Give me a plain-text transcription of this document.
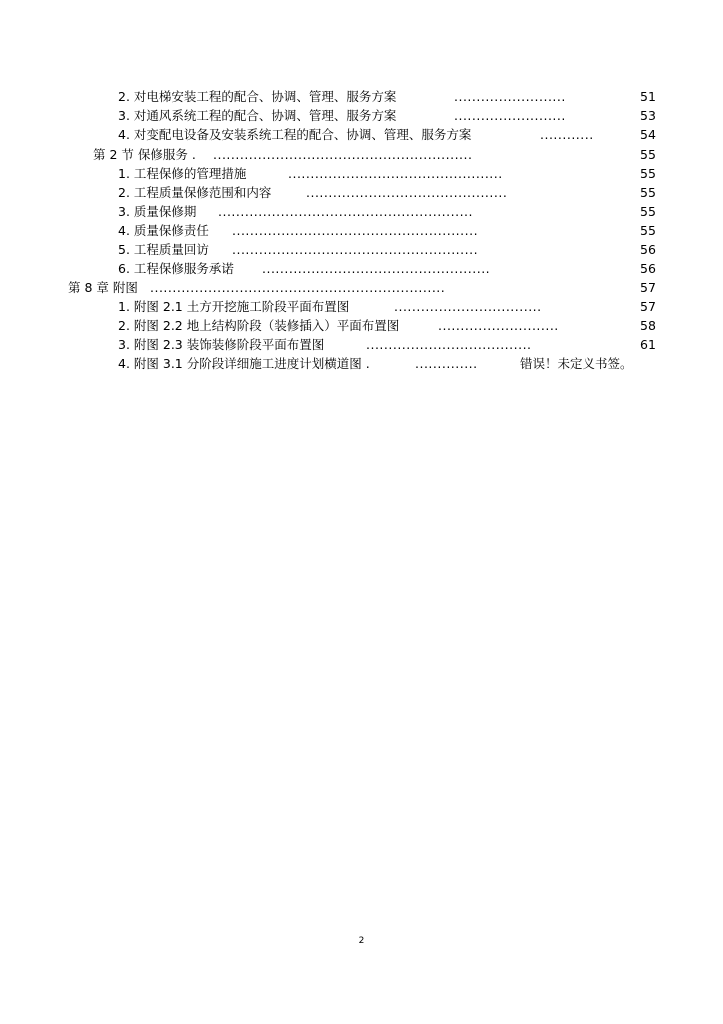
2. 对电梯安装工程的配合、协调、管理、服务方案	.........................	51
3. 对通风系统工程的配合、协调、管理、服务方案	.........................	53
4. 对变配电设备及安装系统工程的配合、协调、管理、服务方案	............	54
第 2 节 保修服务 . ..........................................................	55
1. 工程保修的管理措施	................................................	55
2. 工程质量保修范围和内容	.............................................	55
3. 质量保修期 .........................................................	55
4. 质量保修责任 .......................................................	55
5. 工程质量回访 .......................................................	56
6. 工程保修服务承诺 ...................................................	56
第 8 章 附图 ..................................................................	57
1. 附图 2.1 土方开挖施工阶段平面布置图	.................................	57
2. 附图 2.2 地上结构阶段（装修插入）平面布置图	...........................	58
3. 附图 2.3 装饰装修阶段平面布置图	.....................................	61
4. 附图 3.1 分阶段详细施工进度计划横道图 .	..............	错误！未定义书签。
2
